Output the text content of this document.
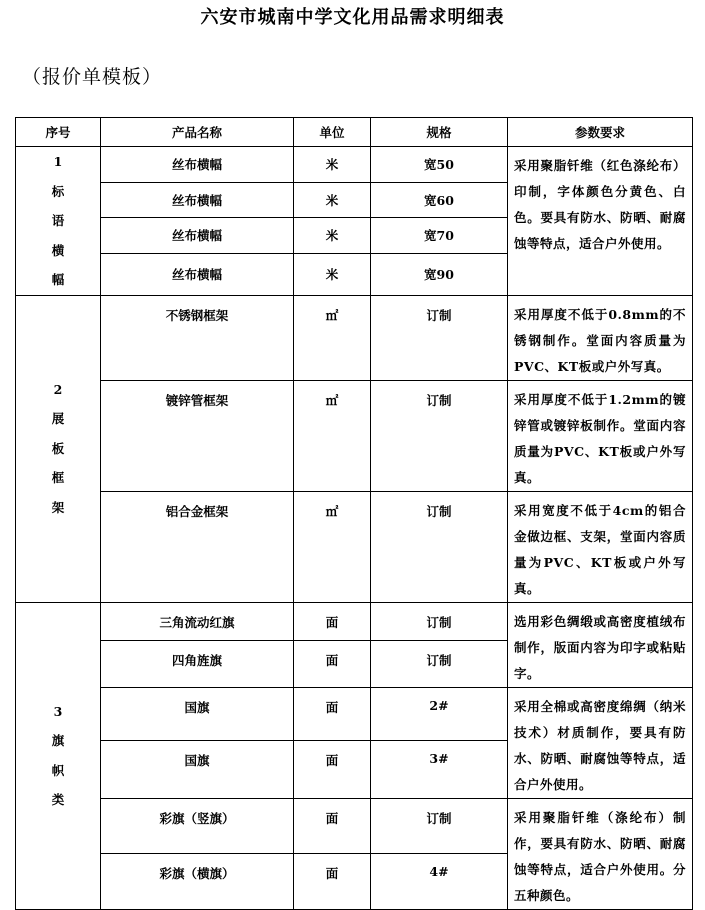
六安市城南中学文化用品需求明细表
（报价单模板）
序号	产品名称	单位	规格	参数要求

1
标
语
横
幅	丝布横幅	米	宽50	采用聚脂钎维（红色涤纶布）印制，字体颜色分黄色、白色。要具有防水、防晒、耐腐蚀等特点，适合户外使用。
	丝布横幅	米	宽60	
	丝布横幅	米	宽70	
	丝布横幅	米	宽90	

2
展
板
框
架	不锈钢框架	㎡	订制	采用厚度不低于0.8mm的不锈钢制作。堂面内容质量为PVC、KT板或户外写真。
	镀锌管框架	㎡	订制	采用厚度不低于1.2mm的镀锌管或镀锌板制作。堂面内容质量为PVC、KT板或户外写真。
	铝合金框架	㎡	订制	采用宽度不低于4cm的铝合金做边框、支架，堂面内容质量为PVC、KT板或户外写真。

3
旗
帜
类	三角流动红旗	面	订制	选用彩色绸缎或高密度植绒布制作，版面内容为印字或粘贴字。
	四角旌旗	面	订制	
	国旗	面	2#	采用全棉或高密度绵绸（纳米技术）材质制作，要具有防水、防晒、耐腐蚀等特点，适合户外使用。
	国旗	面	3#	
	彩旗（竖旗）	面	订制	采用聚脂钎维（涤纶布）制作，要具有防水、防晒、耐腐蚀等特点，适合户外使用。分五种颜色。
	彩旗（横旗）	面	4#	
